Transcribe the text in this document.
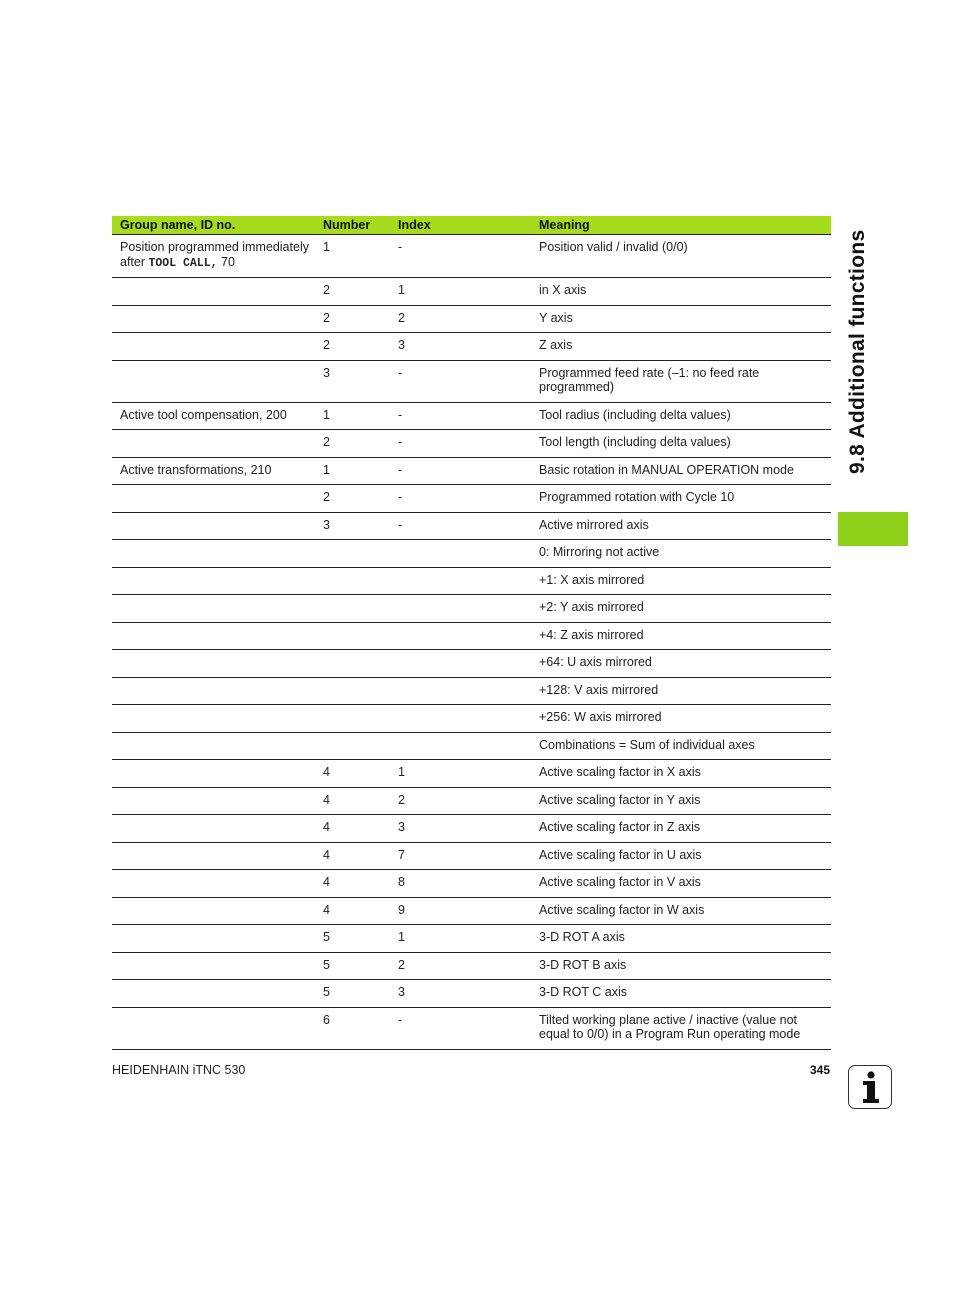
9.8 Additional functions
Group name, ID no.	Number	Index	Meaning
Position programmed immediately after TOOL CALL, 70	1	-	Position valid / invalid (0/0)
	2	1	in X axis
	2	2	Y axis
	2	3	Z axis
	3	-	Programmed feed rate (–1: no feed rate programmed)
Active tool compensation, 200	1	-	Tool radius (including delta values)
	2	-	Tool length (including delta values)
Active transformations, 210	1	-	Basic rotation in MANUAL OPERATION mode
	2	-	Programmed rotation with Cycle 10
	3	-	Active mirrored axis
			0: Mirroring not active
			+1: X axis mirrored
			+2: Y axis mirrored
			+4: Z axis mirrored
			+64: U axis mirrored
			+128: V axis mirrored
			+256: W axis mirrored
			Combinations = Sum of individual axes
	4	1	Active scaling factor in X axis
	4	2	Active scaling factor in Y axis
	4	3	Active scaling factor in Z axis
	4	7	Active scaling factor in U axis
	4	8	Active scaling factor in V axis
	4	9	Active scaling factor in W axis
	5	1	3-D ROT A axis
	5	2	3-D ROT B axis
	5	3	3-D ROT C axis
	6	-	Tilted working plane active / inactive (value not equal to 0/0) in a Program Run operating mode
HEIDENHAIN iTNC 530	345
